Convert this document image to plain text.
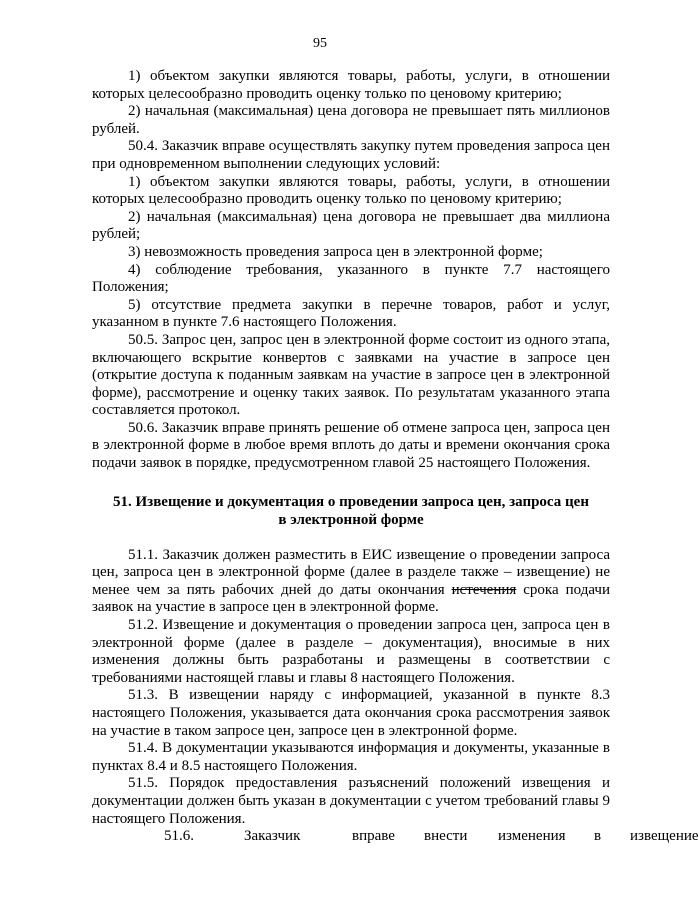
95

1) объектом закупки являются товары, работы, услуги, в отношении которых целесообразно проводить оценку только по ценовому критерию;

2) начальная (максимальная) цена договора не превышает пять миллионов рублей.

50.4. Заказчик вправе осуществлять закупку путем проведения запроса цен при одновременном выполнении следующих условий:

1) объектом закупки являются товары, работы, услуги, в отношении которых целесообразно проводить оценку только по ценовому критерию;

2) начальная (максимальная) цена договора не превышает два миллиона рублей;

3) невозможность проведения запроса цен в электронной форме;

4) соблюдение требования, указанного в пункте 7.7 настоящего Положения;

5) отсутствие предмета закупки в перечне товаров, работ и услуг, указанном в пункте 7.6 настоящего Положения.

50.5. Запрос цен, запрос цен в электронной форме состоит из одного этапа, включающего вскрытие конвертов с заявками на участие в запросе цен (открытие доступа к поданным заявкам на участие в запросе цен в электронной форме), рассмотрение и оценку таких заявок. По результатам указанного этапа составляется протокол.

50.6. Заказчик вправе принять решение об отмене запроса цен, запроса цен в электронной форме в любое время вплоть до даты и времени окончания срока подачи заявок в порядке, предусмотренном главой 25 настоящего Положения.

51. Извещение и документация о проведении запроса цен, запроса цен
в электронной форме

51.1. Заказчик должен разместить в ЕИС извещение о проведении запроса цен, запроса цен в электронной форме (далее в разделе также – извещение) не менее чем за пять рабочих дней до даты окончания истечения срока подачи заявок на участие в запросе цен в электронной форме.

51.2. Извещение и документация о проведении запроса цен, запроса цен в электронной форме (далее в разделе – документация), вносимые в них изменения должны быть разработаны и размещены в соответствии с требованиями настоящей главы и главы 8 настоящего Положения.

51.3. В извещении наряду с информацией, указанной в пункте 8.3 настоящего Положения, указывается дата окончания срока рассмотрения заявок на участие в таком запросе цен, запросе цен в электронной форме.

51.4. В документации указываются информация и документы, указанные в пунктах 8.4 и 8.5 настоящего Положения.

51.5. Порядок предоставления разъяснений положений извещения и документации должен быть указан в документации с учетом требований главы 9 настоящего Положения.

51.6.	Заказчик	вправе внести изменения в извещение
